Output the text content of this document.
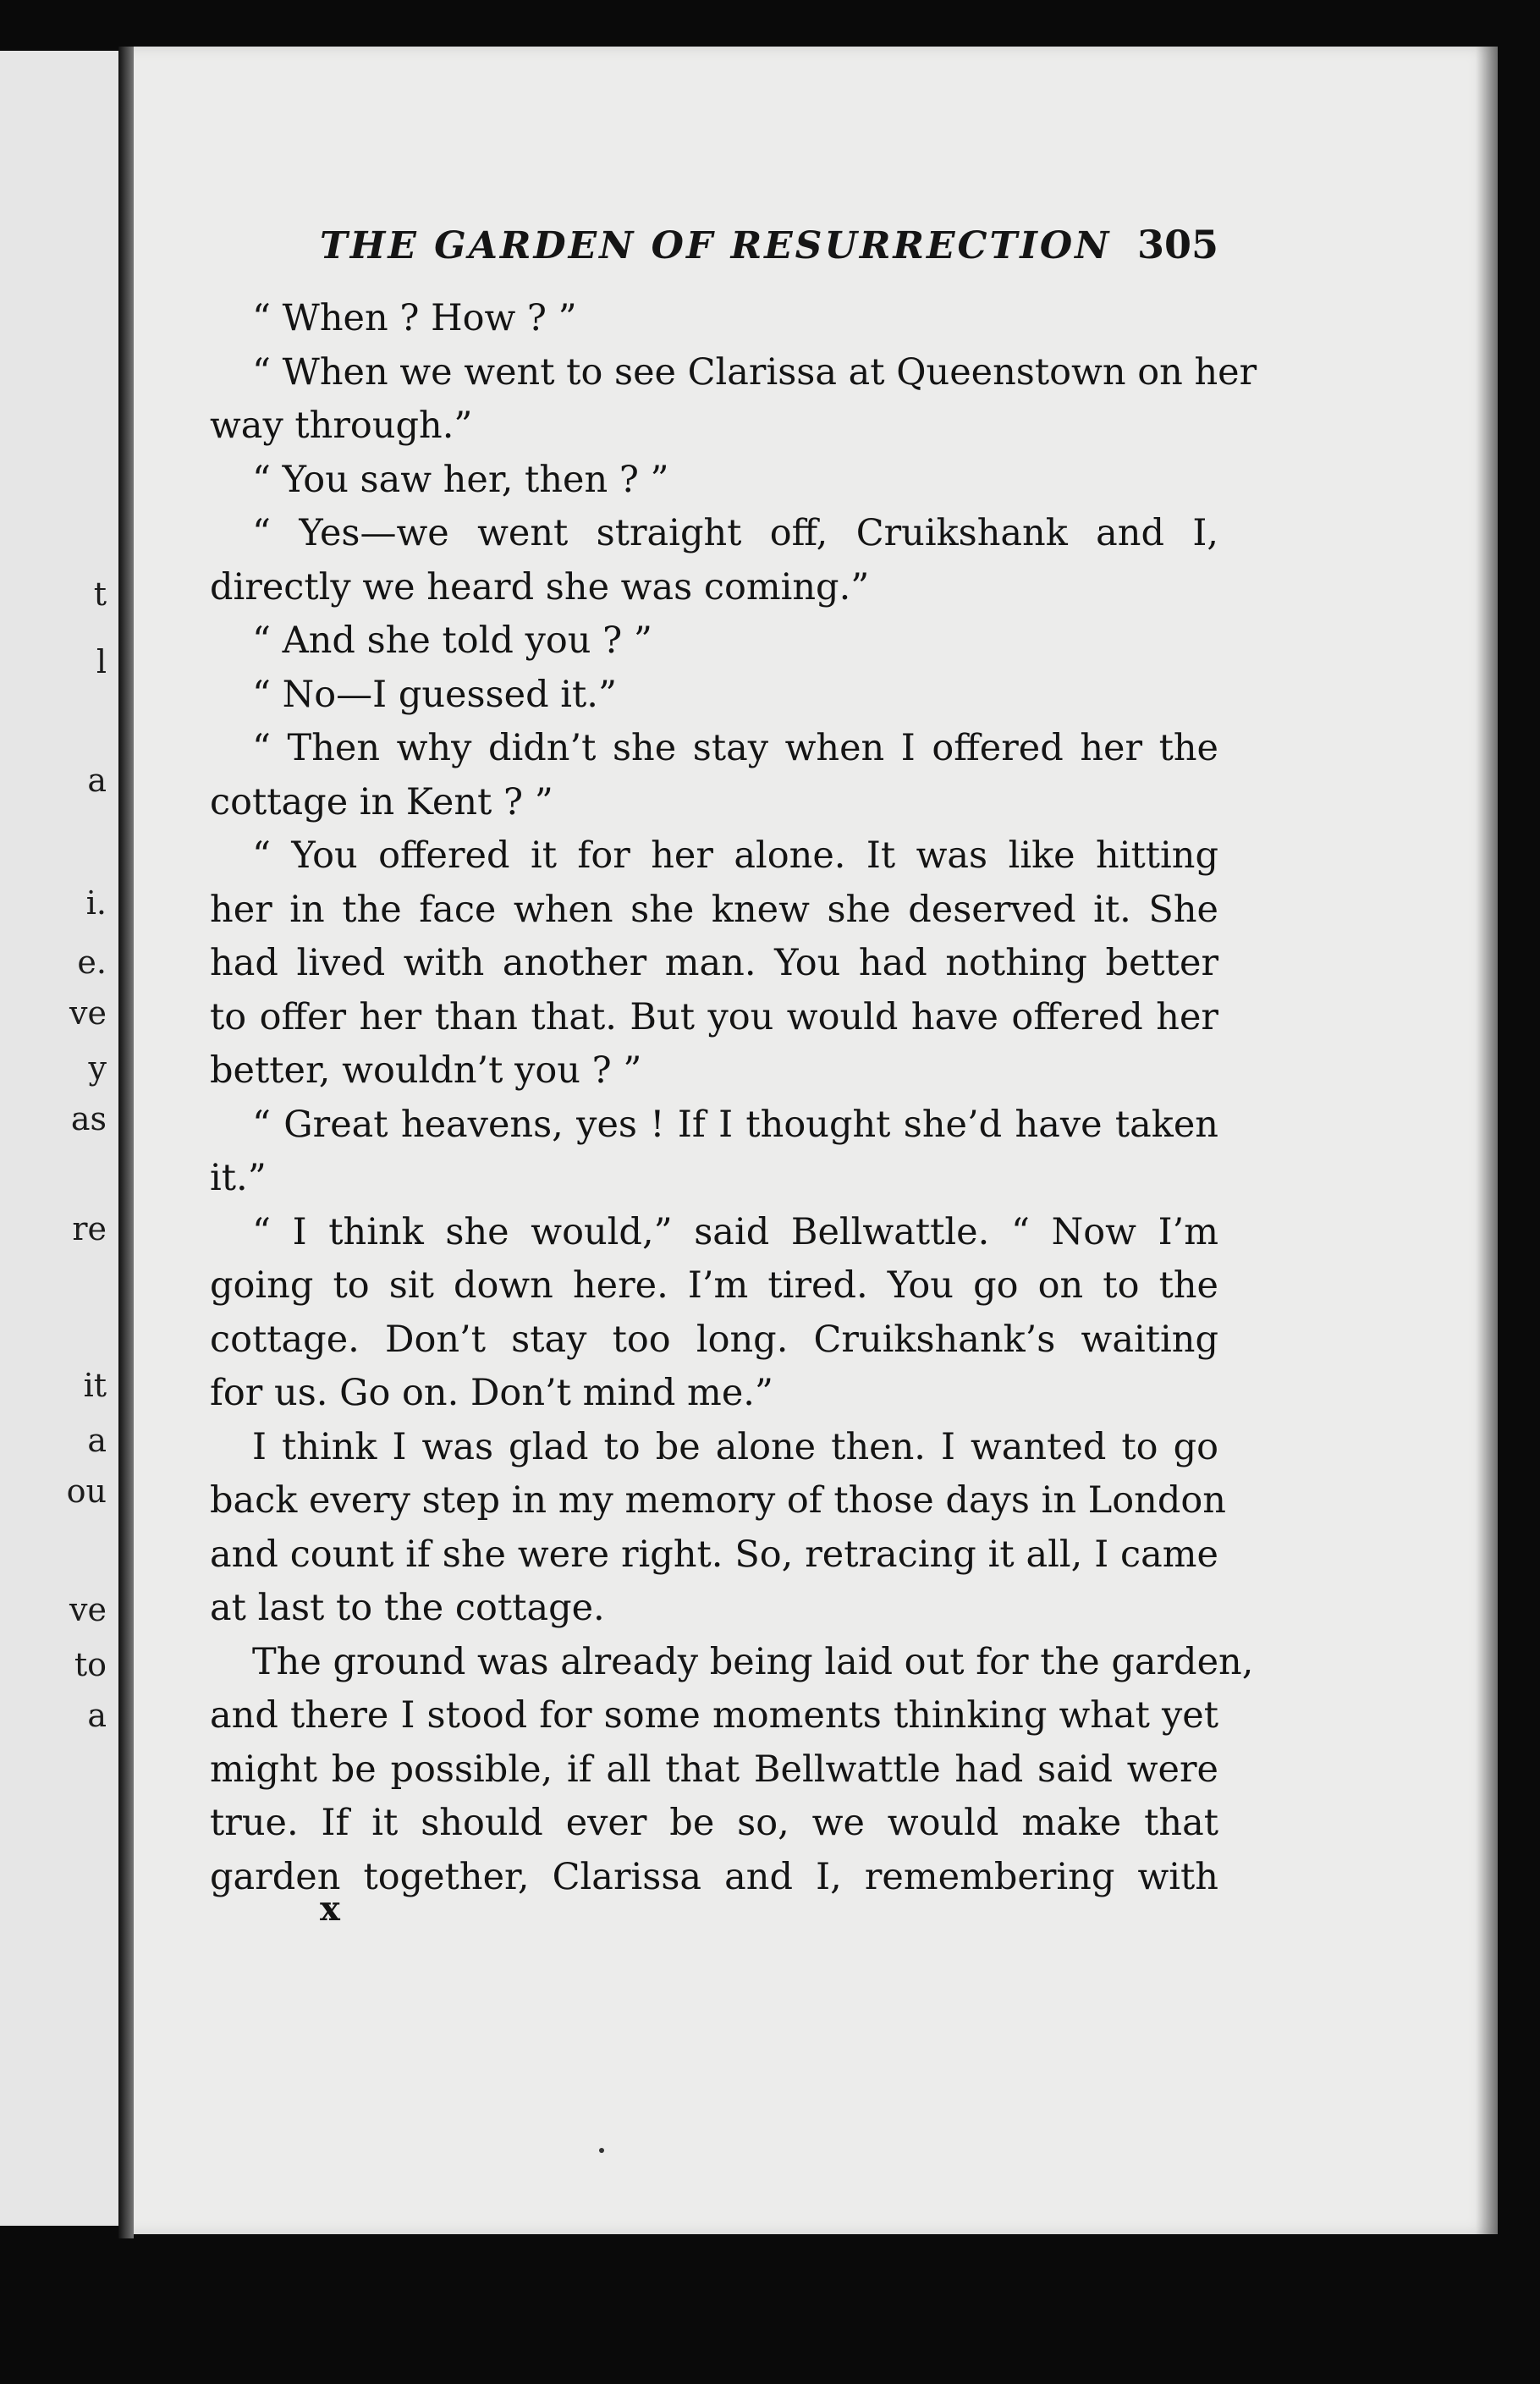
t
l
a
i.
e.
ve
y
as
re
it
a
ou
ve
to
a
THE GARDEN OF RESURRECTION 305
“ When ? How ? ”
“ When we went to see Clarissa at Queenstown on her
way through.”
“ You saw her, then ? ”
“ Yes—we went straight off, Cruikshank and I,
directly we heard she was coming.”
“ And she told you ? ”
“ No—I guessed it.”
“ Then why didn’t she stay when I offered her the
cottage in Kent ? ”
“ You offered it for her alone. It was like hitting
her in the face when she knew she deserved it. She
had lived with another man. You had nothing better
to offer her than that. But you would have offered her
better, wouldn’t you ? ”
“ Great heavens, yes ! If I thought she’d have taken
it.”
“ I think she would,” said Bellwattle. “ Now I’m
going to sit down here. I’m tired. You go on to the
cottage. Don’t stay too long. Cruikshank’s waiting
for us. Go on. Don’t mind me.”
I think I was glad to be alone then. I wanted to go
back every step in my memory of those days in London
and count if she were right. So, retracing it all, I came
at last to the cottage.
The ground was already being laid out for the garden,
and there I stood for some moments thinking what yet
might be possible, if all that Bellwattle had said were
true. If it should ever be so, we would make that
garden together, Clarissa and I, remembering with
x
